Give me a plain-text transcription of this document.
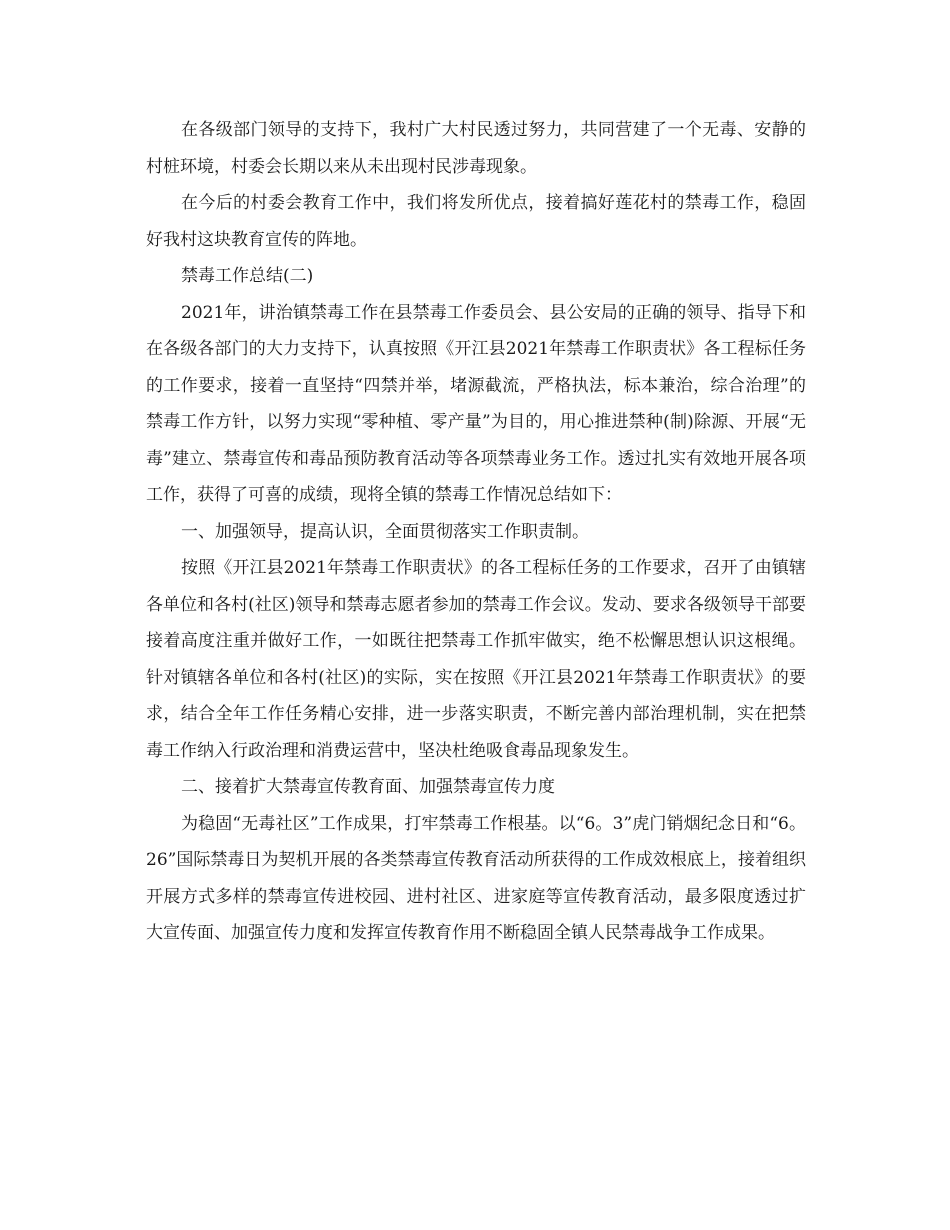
在各级部门领导的支持下，我村广大村民透过努力，共同营建了一个无毒、安静的村桩环境，村委会长期以来从未出现村民涉毒现象。

在今后的村委会教育工作中，我们将发所优点，接着搞好莲花村的禁毒工作，稳固好我村这块教育宣传的阵地。

禁毒工作总结(二)

2021年，讲治镇禁毒工作在县禁毒工作委员会、县公安局的正确的领导、指导下和在各级各部门的大力支持下，认真按照《开江县2021年禁毒工作职责状》各工程标任务的工作要求，接着一直坚持“四禁并举，堵源截流，严格执法，标本兼治，综合治理”的禁毒工作方针，以努力实现“零种植、零产量”为目的，用心推进禁种(制)除源、开展“无毒”建立、禁毒宣传和毒品预防教育活动等各项禁毒业务工作。透过扎实有效地开展各项工作，获得了可喜的成绩，现将全镇的禁毒工作情况总结如下：

一、加强领导，提高认识，全面贯彻落实工作职责制。

按照《开江县2021年禁毒工作职责状》的各工程标任务的工作要求，召开了由镇辖各单位和各村(社区)领导和禁毒志愿者参加的禁毒工作会议。发动、要求各级领导干部要接着高度注重并做好工作，一如既往把禁毒工作抓牢做实，绝不松懈思想认识这根绳。针对镇辖各单位和各村(社区)的实际，实在按照《开江县2021年禁毒工作职责状》的要求，结合全年工作任务精心安排，进一步落实职责，不断完善内部治理机制，实在把禁毒工作纳入行政治理和消费运营中，坚决杜绝吸食毒品现象发生。

二、接着扩大禁毒宣传教育面、加强禁毒宣传力度

为稳固“无毒社区”工作成果，打牢禁毒工作根基。以“6。3”虎门销烟纪念日和“6。26”国际禁毒日为契机开展的各类禁毒宣传教育活动所获得的工作成效根底上，接着组织开展方式多样的禁毒宣传进校园、进村社区、进家庭等宣传教育活动，最多限度透过扩大宣传面、加强宣传力度和发挥宣传教育作用不断稳固全镇人民禁毒战争工作成果。
